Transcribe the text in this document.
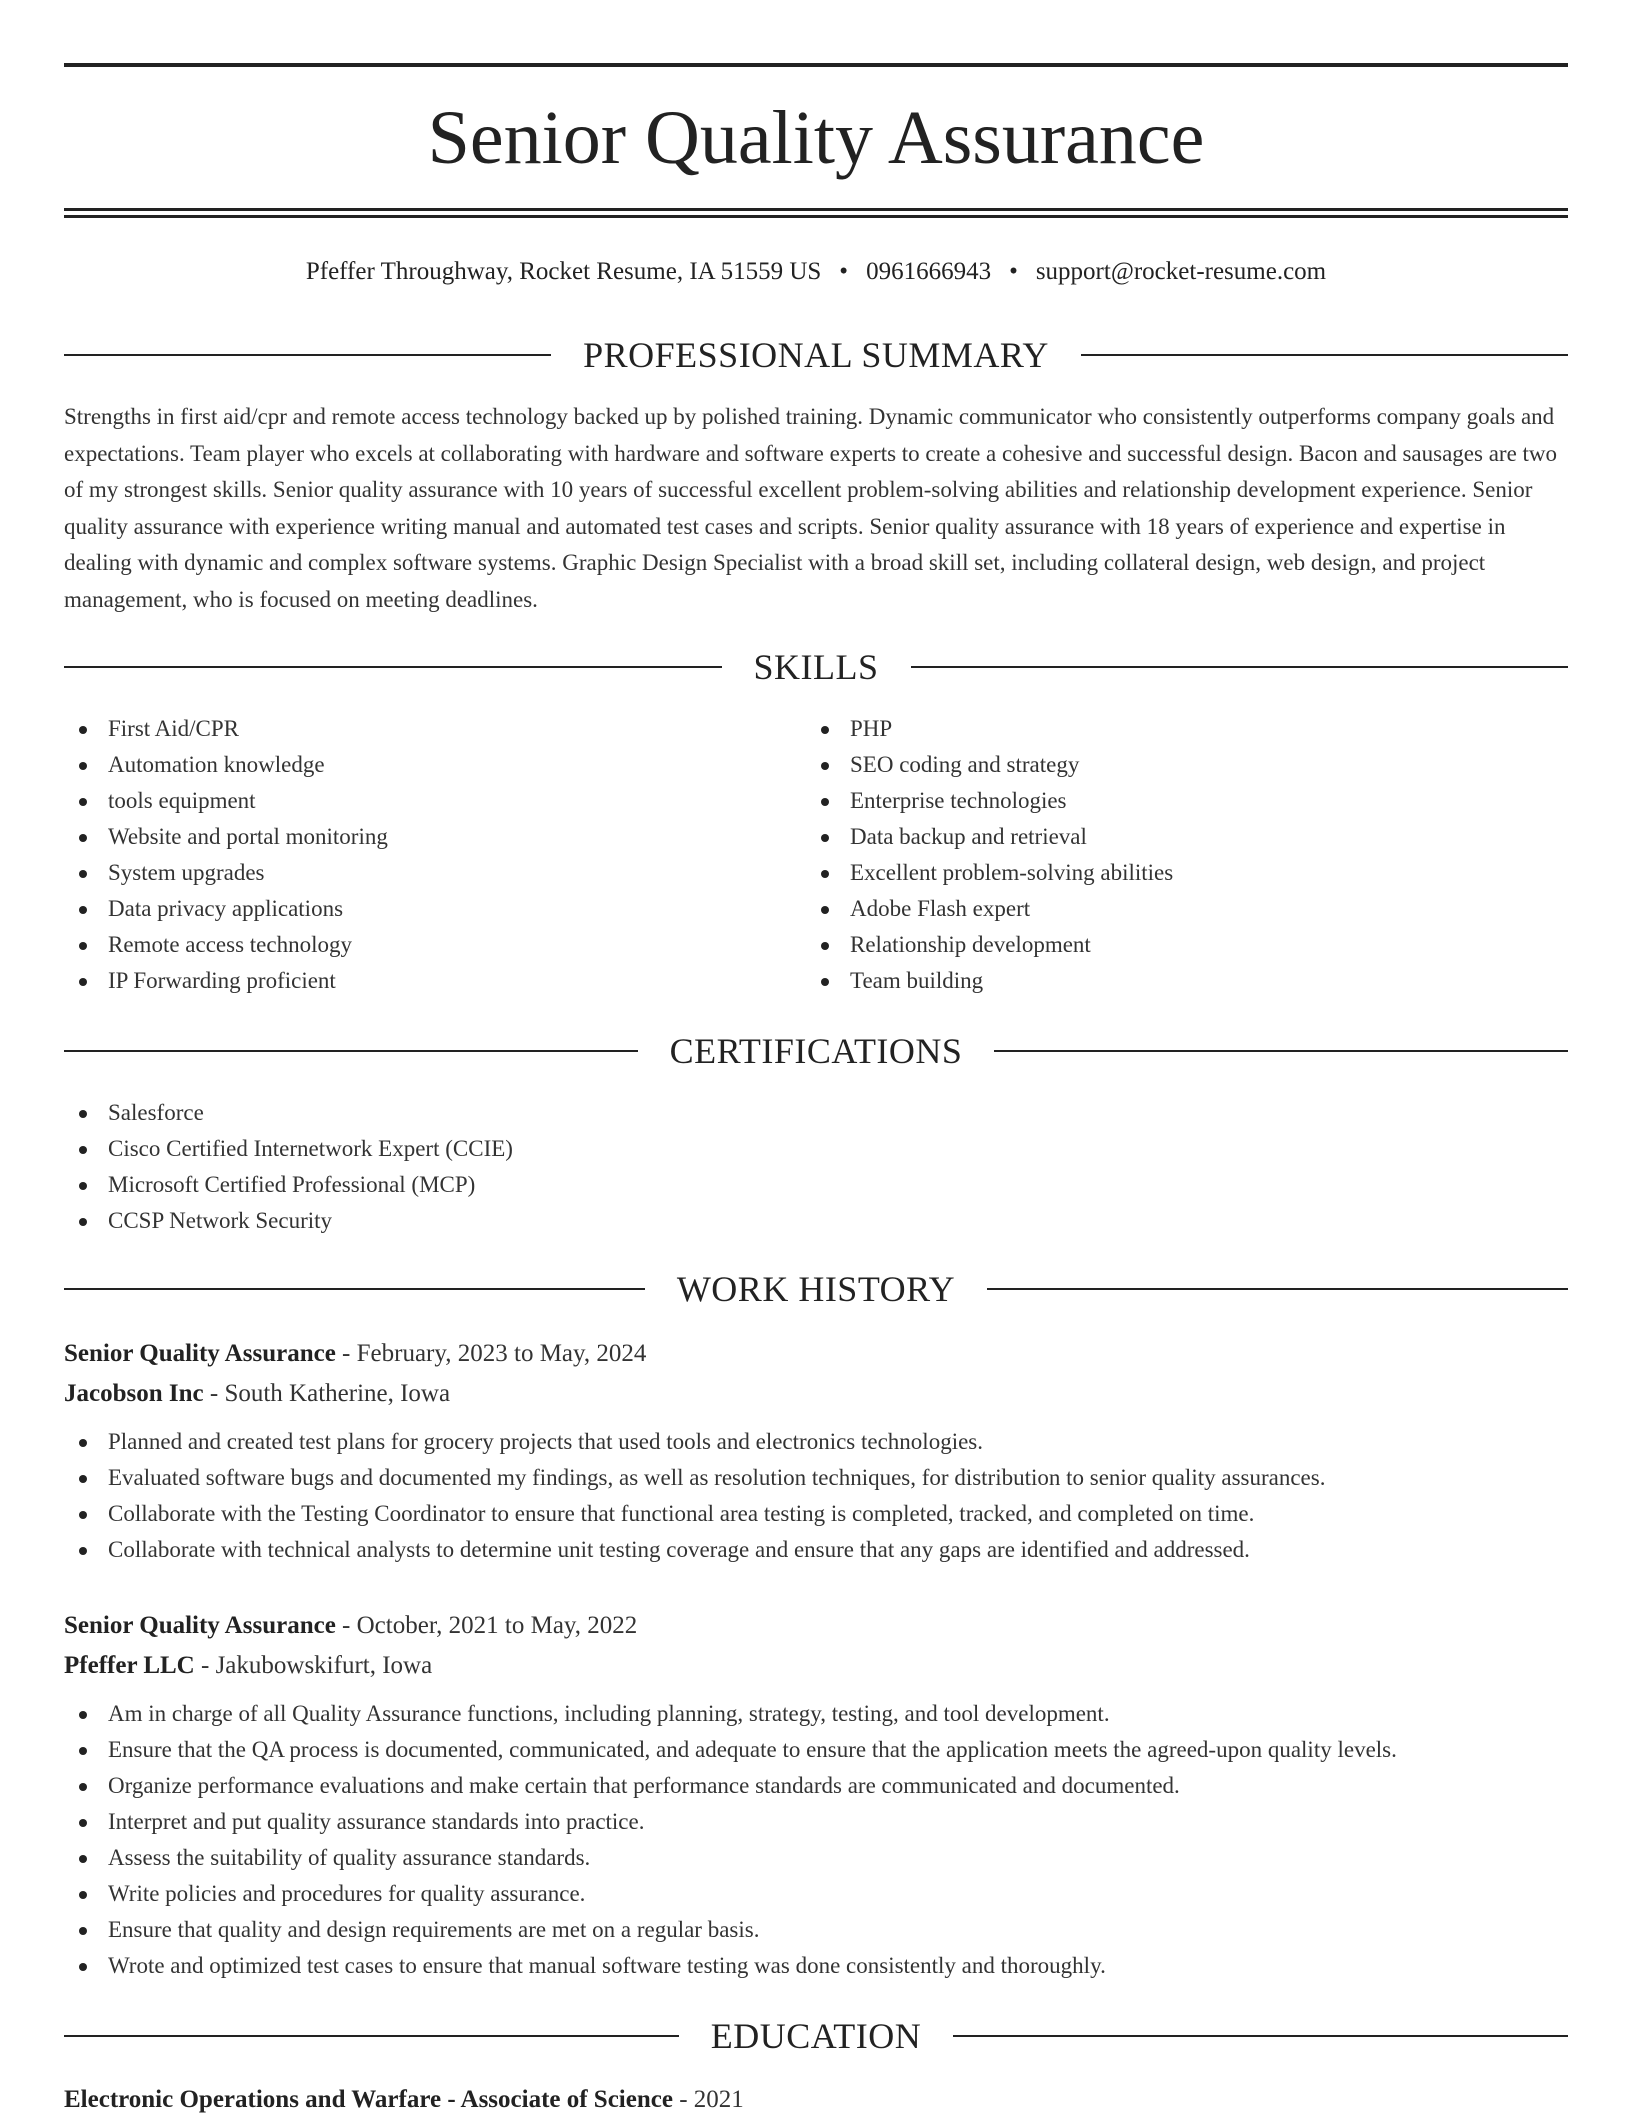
Senior Quality Assurance
Pfeffer Throughway, Rocket Resume, IA 51559 US • 0961666943 • support@rocket-resume.com
PROFESSIONAL SUMMARY

Strengths in first aid/cpr and remote access technology backed up by polished training. Dynamic communicator who consistently outperforms company goals and expectations. Team player who excels at collaborating with hardware and software experts to create a cohesive and successful design. Bacon and sausages are two of my strongest skills. Senior quality assurance with 10 years of successful excellent problem-solving abilities and relationship development experience. Senior quality assurance with experience writing manual and automated test cases and scripts. Senior quality assurance with 18 years of experience and expertise in dealing with dynamic and complex software systems. Graphic Design Specialist with a broad skill set, including collateral design, web design, and project management, who is focused on meeting deadlines.

SKILLS
First Aid/CPR
Automation knowledge
tools equipment
Website and portal monitoring
System upgrades
Data privacy applications
Remote access technology
IP Forwarding proficient
PHP
SEO coding and strategy
Enterprise technologies
Data backup and retrieval
Excellent problem-solving abilities
Adobe Flash expert
Relationship development
Team building
CERTIFICATIONS
Salesforce
Cisco Certified Internetwork Expert (CCIE)
Microsoft Certified Professional (MCP)
CCSP Network Security
WORK HISTORY
Senior Quality Assurance - February, 2023 to May, 2024
Jacobson Inc - South Katherine, Iowa
Planned and created test plans for grocery projects that used tools and electronics technologies.
Evaluated software bugs and documented my findings, as well as resolution techniques, for distribution to senior quality assurances.
Collaborate with the Testing Coordinator to ensure that functional area testing is completed, tracked, and completed on time.
Collaborate with technical analysts to determine unit testing coverage and ensure that any gaps are identified and addressed.
Senior Quality Assurance - October, 2021 to May, 2022
Pfeffer LLC - Jakubowskifurt, Iowa
Am in charge of all Quality Assurance functions, including planning, strategy, testing, and tool development.
Ensure that the QA process is documented, communicated, and adequate to ensure that the application meets the agreed-upon quality levels.
Organize performance evaluations and make certain that performance standards are communicated and documented.
Interpret and put quality assurance standards into practice.
Assess the suitability of quality assurance standards.
Write policies and procedures for quality assurance.
Ensure that quality and design requirements are met on a regular basis.
Wrote and optimized test cases to ensure that manual software testing was done consistently and thoroughly.
EDUCATION
Electronic Operations and Warfare - Associate of Science - 2021
